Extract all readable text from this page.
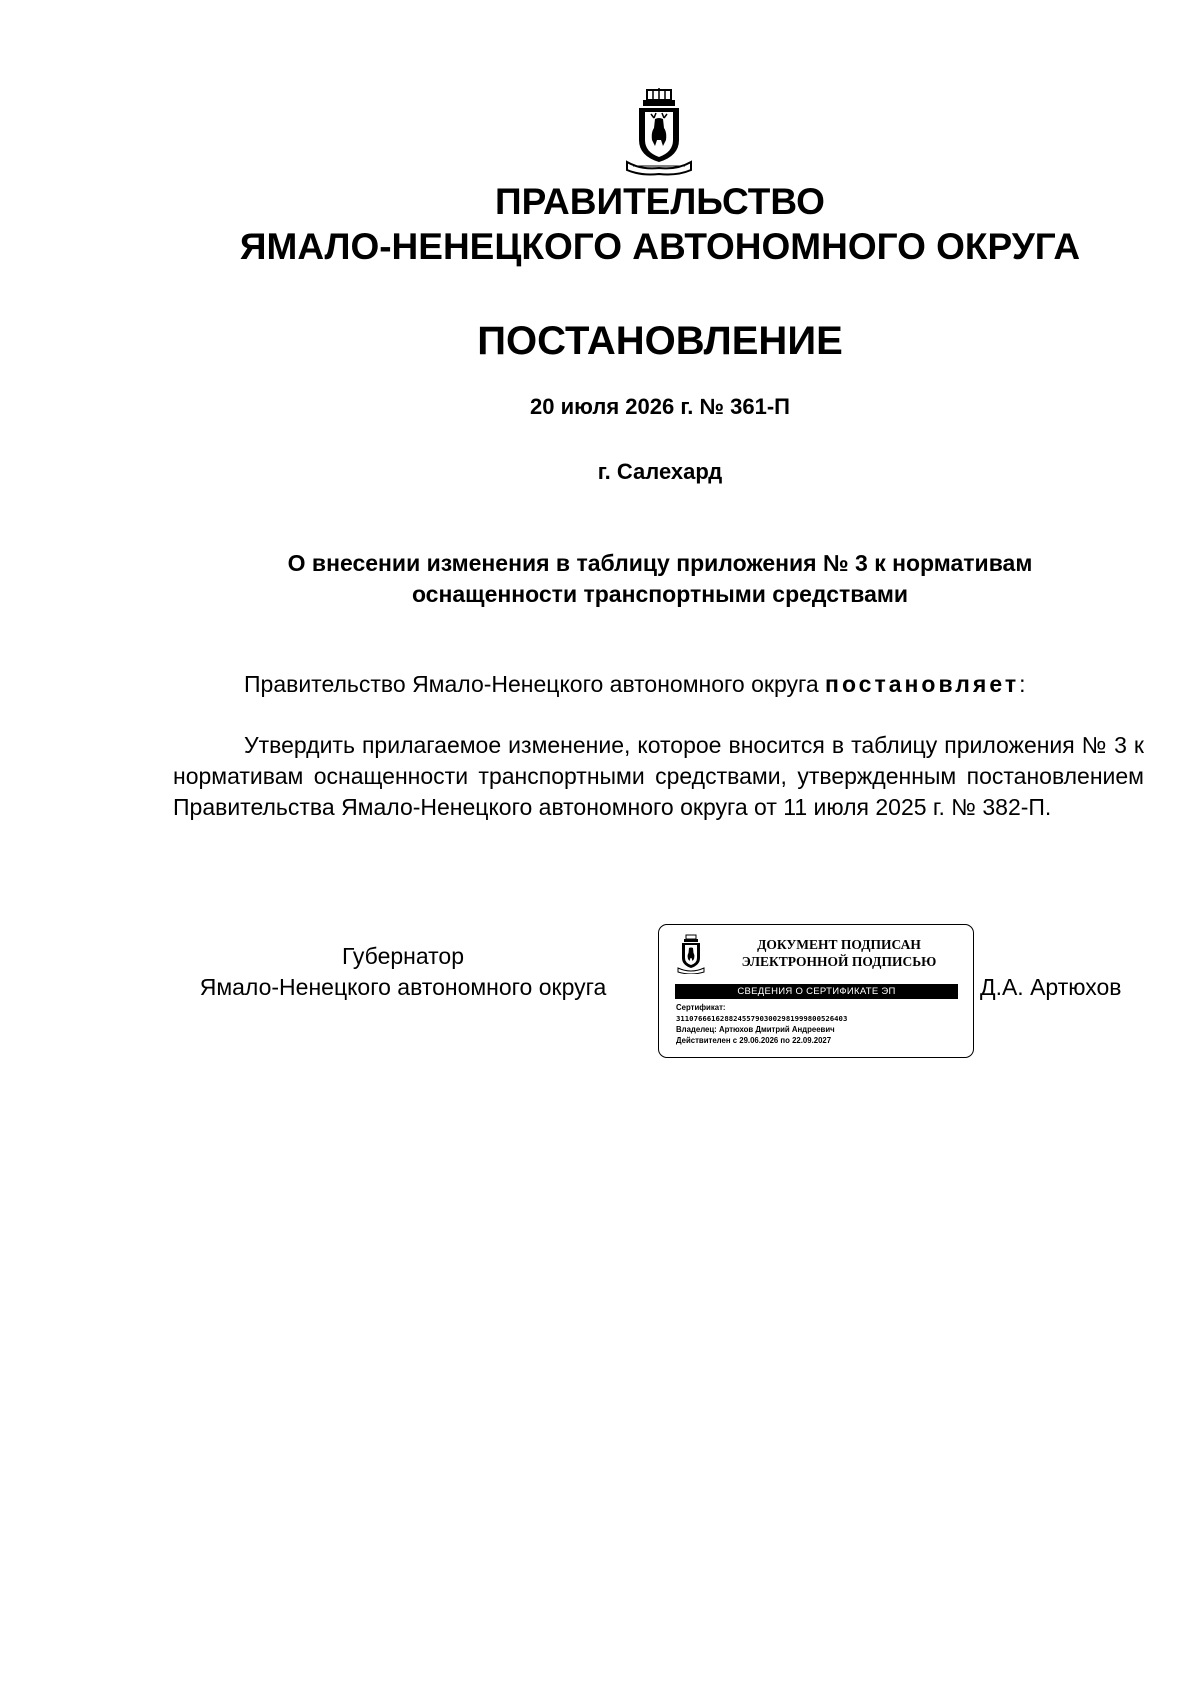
ПРАВИТЕЛЬСТВО
ЯМАЛО-НЕНЕЦКОГО АВТОНОМНОГО ОКРУГА
ПОСТАНОВЛЕНИЕ
20 июля 2026 г. № 361-П
г. Салехард
О внесении изменения в таблицу приложения № 3 к нормативам
оснащенности транспортными средствами
Правительство Ямало-Ненецкого автономного округа постановляет:
Утвердить прилагаемое изменение, которое вносится в таблицу приложения № 3 к нормативам оснащенности транспортными средствами, утвержденным постановлением Правительства Ямало-Ненецкого автономного округа от 11 июля 2025 г. № 382-П.
Губернатор
Ямало-Ненецкого автономного округа
ДОКУМЕНТ ПОДПИСАН
ЭЛЕКТРОННОЙ ПОДПИСЬЮ
СВЕДЕНИЯ О СЕРТИФИКАТЕ ЭП
Сертификат:
311076661628824557903002981999800526403
Владелец: Артюхов Дмитрий Андреевич
Действителен с 29.06.2026 по 22.09.2027
Д.А. Артюхов
